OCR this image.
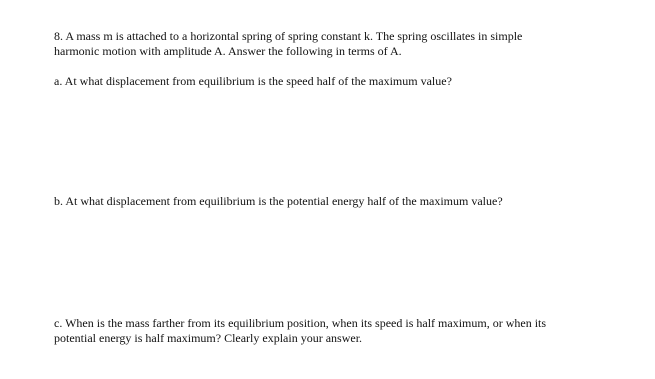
8. A mass m is attached to a horizontal spring of spring constant k. The spring oscillates in simple
harmonic motion with amplitude A. Answer the following in terms of A.
a. At what displacement from equilibrium is the speed half of the maximum value?
b. At what displacement from equilibrium is the potential energy half of the maximum value?
c. When is the mass farther from its equilibrium position, when its speed is half maximum, or when its
potential energy is half maximum? Clearly explain your answer.
